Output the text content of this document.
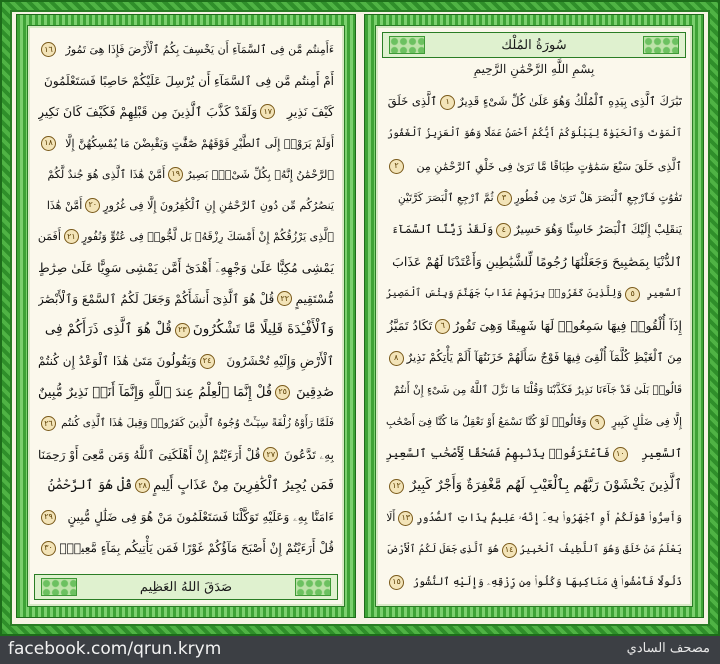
ءَأَمِنتُم مَّن فِى ٱلسَّمَآءِ أَن يَخْسِفَ بِكُمُ ٱلْأَرْضَ فَإِذَا هِىَ تَمُورُ
١٦
أَمْ أَمِنتُم مَّن فِى ٱلسَّمَآءِ أَن يُرْسِلَ عَلَيْكُمْ حَاصِبًا فَسَتَعْلَمُونَ
كَيْفَ نَذِيرِ
١٧
وَلَقَدْ كَذَّبَ ٱلَّذِينَ مِن قَبْلِهِمْ فَكَيْفَ كَانَ نَكِيرِ
أَوَلَمْ يَرَوْا۟ إِلَى ٱلطَّيْرِ فَوْقَهُمْ صَٰٓفَّٰتٍ وَيَقْبِضْنَ مَا يُمْسِكُهُنَّ إِلَّا
١٨
ٱلرَّحْمَٰنُ إِنَّهُۥ بِكُلِّ شَىْءٍۭ بَصِيرٌ
١٩
أَمَّنْ هَٰذَا ٱلَّذِى هُوَ جُندٌ لَّكُمْ
يَنصُرُكُم مِّن دُونِ ٱلرَّحْمَٰنِ إِنِ ٱلْكَٰفِرُونَ إِلَّا فِى غُرُورٍ
٢٠
أَمَّنْ هَٰذَا
ٱلَّذِى يَرْزُقُكُمْ إِنْ أَمْسَكَ رِزْقَهُۥ بَل لَّجُّوا۟ فِى عُتُوٍّ وَنُفُورٍ
٢١
أَفَمَن
يَمْشِى مُكِبًّا عَلَىٰ وَجْهِهِۦٓ أَهْدَىٰٓ أَمَّن يَمْشِى سَوِيًّا عَلَىٰ صِرَٰطٍ
مُّسْتَقِيمٍ
٢٢
قُلْ هُوَ ٱلَّذِىٓ أَنشَأَكُمْ وَجَعَلَ لَكُمُ ٱلسَّمْعَ وَٱلْأَبْصَٰرَ
وَٱلْأَفْـِٔدَةَ قَلِيلًا مَّا تَشْكُرُونَ
٢٣
قُلْ هُوَ ٱلَّذِى ذَرَأَكُمْ فِى
ٱلْأَرْضِ وَإِلَيْهِ تُحْشَرُونَ
٢٤
وَيَقُولُونَ مَتَىٰ هَٰذَا ٱلْوَعْدُ إِن كُنتُمْ
صَٰدِقِينَ
٢٥
قُلْ إِنَّمَا ٱلْعِلْمُ عِندَ ٱللَّهِ وَإِنَّمَآ أَنَا۠ نَذِيرٌ مُّبِينٌ
فَلَمَّا رَأَوْهُ زُلْفَةً سِيٓـَٔتْ وُجُوهُ ٱلَّذِينَ كَفَرُوا۟ وَقِيلَ هَٰذَا ٱلَّذِى كُنتُم
٢٦
بِهِۦ تَدَّعُونَ
٢٧
قُلْ أَرَءَيْتُمْ إِنْ أَهْلَكَنِىَ ٱللَّهُ وَمَن مَّعِىَ أَوْ رَحِمَنَا
فَمَن يُجِيرُ ٱلْكَٰفِرِينَ مِنْ عَذَابٍ أَلِيمٍ
٢٨
قُلْ هُوَ ٱلرَّحْمَٰنُ
ءَامَنَّا بِهِۦ وَعَلَيْهِ تَوَكَّلْنَا فَسَتَعْلَمُونَ مَنْ هُوَ فِى ضَلَٰلٍ مُّبِينٍ
٢٩
قُلْ أَرَءَيْتُمْ إِنْ أَصْبَحَ مَآؤُكُمْ غَوْرًا فَمَن يَأْتِيكُم بِمَآءٍ مَّعِينٍۭ
٣٠
صَدَقَ اللهُ العَظِيم
سُورَةُ المُلْك
بِسْمِ اللَّهِ الرَّحْمَٰنِ الرَّحِيمِ
تَبَٰرَكَ ٱلَّذِى بِيَدِهِ ٱلْمُلْكُ وَهُوَ عَلَىٰ كُلِّ شَىْءٍ قَدِيرٌ
١
ٱلَّذِى خَلَقَ
ٱلْمَوْتَ وَٱلْحَيَوٰةَ لِيَبْلُوَكُمْ أَيُّكُمْ أَحْسَنُ عَمَلًا وَهُوَ ٱلْعَزِيزُ ٱلْغَفُورُ
ٱلَّذِى خَلَقَ سَبْعَ سَمَٰوَٰتٍ طِبَاقًا مَّا تَرَىٰ فِى خَلْقِ ٱلرَّحْمَٰنِ مِن
٢
تَفَٰوُتٍ فَٱرْجِعِ ٱلْبَصَرَ هَلْ تَرَىٰ مِن فُطُورٍ
٣
ثُمَّ ٱرْجِعِ ٱلْبَصَرَ كَرَّتَيْنِ
يَنقَلِبْ إِلَيْكَ ٱلْبَصَرُ خَاسِئًا وَهُوَ حَسِيرٌ
٤
وَلَقَدْ زَيَّنَّا ٱلسَّمَآءَ
ٱلدُّنْيَا بِمَصَٰبِيحَ وَجَعَلْنَٰهَا رُجُومًا لِّلشَّيَٰطِينِ وَأَعْتَدْنَا لَهُمْ عَذَابَ
ٱلسَّعِيرِ
٥
وَلِلَّذِينَ كَفَرُوا۟ بِرَبِّهِمْ عَذَابُ جَهَنَّمَ وَبِئْسَ ٱلْمَصِيرُ
إِذَآ أُلْقُوا۟ فِيهَا سَمِعُوا۟ لَهَا شَهِيقًا وَهِىَ تَفُورُ
٦
تَكَادُ تَمَيَّزُ
مِنَ ٱلْغَيْظِ كُلَّمَآ أُلْقِىَ فِيهَا فَوْجٌ سَأَلَهُمْ خَزَنَتُهَآ أَلَمْ يَأْتِكُمْ نَذِيرٌ
٨
قَالُوا۟ بَلَىٰ قَدْ جَآءَنَا نَذِيرٌ فَكَذَّبْنَا وَقُلْنَا مَا نَزَّلَ ٱللَّهُ مِن شَىْءٍ إِنْ أَنتُمْ
إِلَّا فِى ضَلَٰلٍ كَبِيرٍ
٩
وَقَالُوا۟ لَوْ كُنَّا نَسْمَعُ أَوْ نَعْقِلُ مَا كُنَّا فِىٓ أَصْحَٰبِ
ٱلسَّعِيرِ
١٠
فَٱعْتَرَفُوا۟ بِذَنۢبِهِمْ فَسُحْقًا لِّأَصْحَٰبِ ٱلسَّعِيرِ
ٱلَّذِينَ يَخْشَوْنَ رَبَّهُم بِٱلْغَيْبِ لَهُم مَّغْفِرَةٌ وَأَجْرٌ كَبِيرٌ
١٢
وَأَسِرُّوا۟ قَوْلَكُمْ أَوِ ٱجْهَرُوا۟ بِهِۦٓ إِنَّهُۥ عَلِيمٌۢ بِذَاتِ ٱلصُّدُورِ
١٣
أَلَا
يَعْلَمُ مَنْ خَلَقَ وَهُوَ ٱللَّطِيفُ ٱلْخَبِيرُ
١٤
هُوَ ٱلَّذِى جَعَلَ لَكُمُ ٱلْأَرْضَ
ذَلُولًا فَٱمْشُوا۟ فِى مَنَاكِبِهَا وَكُلُوا۟ مِن رِّزْقِهِۦ وَإِلَيْهِ ٱلنُّشُورُ
١٥
facebook.com/qrun.krym	مصحف السادي
